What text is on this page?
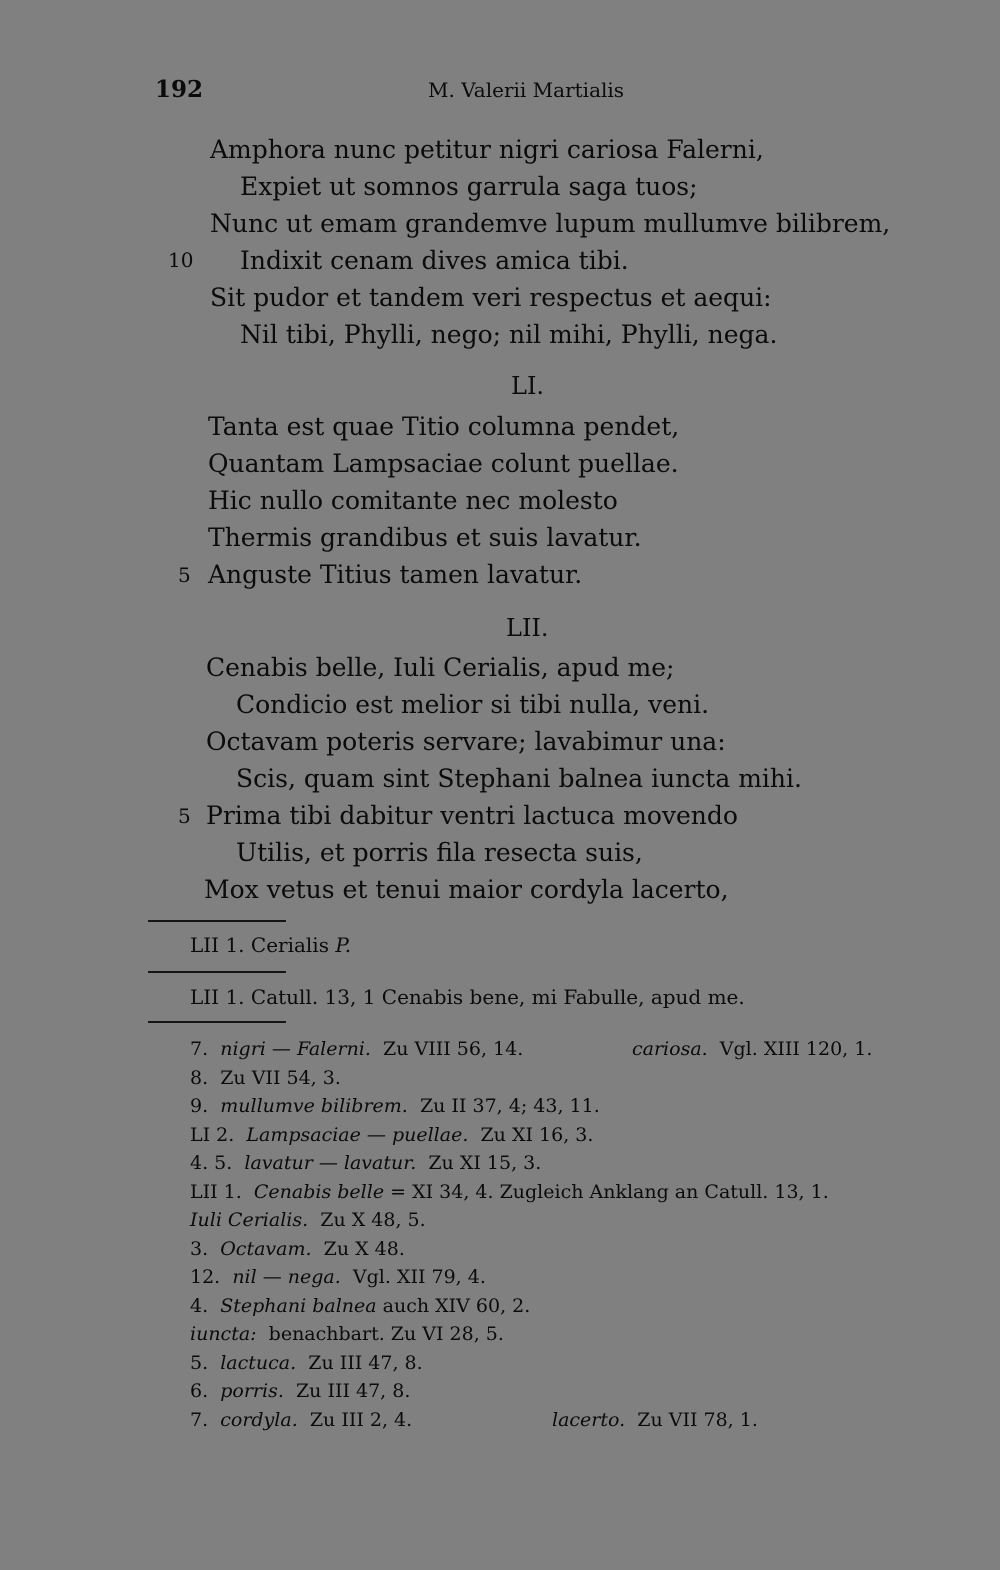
192	M. Valerii Martialis
Amphora nunc petitur nigri cariosa Falerni,
Expiet ut somnos garrula saga tuos;
Nunc ut emam grandemve lupum mullumve bilibrem,
10 Indixit cenam dives amica tibi.
Sit pudor et tandem veri respectus et aequi:
Nil tibi, Phylli, nego; nil mihi, Phylli, nega.
LI.
Tanta est quae Titio columna pendet,
Quantam Lampsaciae colunt puellae.
Hic nullo comitante nec molesto
Thermis grandibus et suis lavatur.
5 Anguste Titius tamen lavatur.
LII.
Cenabis belle, Iuli Cerialis, apud me;
Condicio est melior si tibi nulla, veni.
Octavam poteris servare; lavabimur una:
Scis, quam sint Stephani balnea iuncta mihi.
5 Prima tibi dabitur ventri lactuca movendo
Utilis, et porris fila resecta suis,
Mox vetus et tenui maior cordyla lacerto,
LII 1. Cerialis P.
LII 1. Catull. 13, 1 Cenabis bene, mi Fabulle, apud me.
7. nigri — Falerni. Zu VIII 56, 14.	cariosa. Vgl. XIII 120, 1.
8. Zu VII 54, 3.
9. mullumve bilibrem. Zu II 37, 4; 43, 11.
LI 2. Lampsaciae — puellae. Zu XI 16, 3.
4. 5. lavatur — lavatur. Zu XI 15, 3.
LII 1. Cenabis belle = XI 34, 4. Zugleich Anklang an Catull. 13, 1.
Iuli Cerialis. Zu X 48, 5.
3. Octavam. Zu X 48.
12. nil — nega. Vgl. XII 79, 4.
4. Stephani balnea auch XIV 60, 2.
iuncta: benachbart. Zu VI 28, 5.
5. lactuca. Zu III 47, 8.
6. porris. Zu III 47, 8.
7. cordyla. Zu III 2, 4.	lacerto. Zu VII 78, 1.
